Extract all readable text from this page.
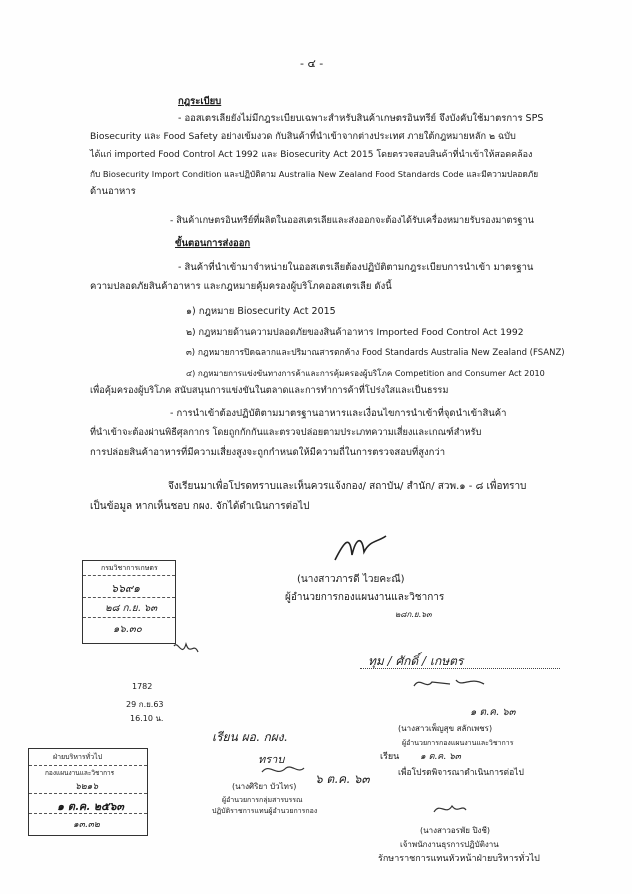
- ๔ -
กฎระเบียบ
- ออสเตรเลียยังไม่มีกฎระเบียบเฉพาะสำหรับสินค้าเกษตรอินทรีย์ จึงบังคับใช้มาตรการ SPS
Biosecurity และ Food Safety อย่างเข้มงวด กับสินค้าที่นำเข้าจากต่างประเทศ ภายใต้กฎหมายหลัก ๒ ฉบับ
ได้แก่ imported Food Control Act 1992 และ Biosecurity Act 2015 โดยตรวจสอบสินค้าที่นำเข้าให้สอดคล้อง
กับ Biosecurity Import Condition และปฏิบัติตาม Australia New Zealand Food Standards Code และมีความปลอดภัย
ด้านอาหาร
- สินค้าเกษตรอินทรีย์ที่ผลิตในออสเตรเลียและส่งออกจะต้องได้รับเครื่องหมายรับรองมาตรฐาน
ขั้นตอนการส่งออก
- สินค้าที่นำเข้ามาจำหน่ายในออสเตรเลียต้องปฏิบัติตามกฎระเบียบการนำเข้า มาตรฐาน
ความปลอดภัยสินค้าอาหาร และกฎหมายคุ้มครองผู้บริโภคออสเตรเลีย ดังนี้
๑) กฎหมาย Biosecurity Act 2015
๒) กฎหมายด้านความปลอดภัยของสินค้าอาหาร Imported Food Control Act 1992
๓) กฎหมายการปิดฉลากและปริมาณสารตกค้าง Food Standards Australia New Zealand (FSANZ)
๔) กฎหมายการแข่งขันทางการค้าและการคุ้มครองผู้บริโภค Competition and Consumer Act 2010
เพื่อคุ้มครองผู้บริโภค สนับสนุนการแข่งขันในตลาดและการทำการค้าที่โปร่งใสและเป็นธรรม
- การนำเข้าต้องปฏิบัติตามมาตรฐานอาหารและเงื่อนไขการนำเข้าที่จุดนำเข้าสินค้า
ที่นำเข้าจะต้องผ่านพิธีศุลกากร โดยถูกกักกันและตรวจปล่อยตามประเภทความเสี่ยงและเกณฑ์สำหรับ
การปล่อยสินค้าอาหารที่มีความเสี่ยงสูงจะถูกกำหนดให้มีความถี่ในการตรวจสอบที่สูงกว่า
จึงเรียนมาเพื่อโปรดทราบและเห็นควรแจ้งกอง/ สถาบัน/ สำนัก/ สวพ.๑ - ๘ เพื่อทราบ
เป็นข้อมูล หากเห็นชอบ กผง. จักได้ดำเนินการต่อไป
(นางสาวภารดี ไวยคะณี)
ผู้อำนวยการกองแผนงานและวิชาการ
๒๘ก.ย.๖๓
กรมวิชาการเกษตร
๖๖๙๑
๒๘ ก.ย. ๖๓
๑๖.๓๐
1782
29 ก.ย.63
16.10 น.
ทุม / ศักดิ์ / เกษตร
๑ ต.ค. ๖๓
เรียน ผอ. กผง.
ทราบ
๖ ต.ค. ๖๓
(นางศิริยา บัวไทร)
ผู้อำนวยการกลุ่มสารบรรณ
ปฏิบัติราชการแทนผู้อำนวยการกอง
(นางสาวเพ็ญสุข สลักเพชร)
ผู้อำนวยการกองแผนงานและวิชาการ
เรียน ๑ ต.ค. ๖๓
เพื่อโปรดพิจารณาดำเนินการต่อไป
(นางสาวอรพัย ปิงชี)
เจ้าพนักงานธุรการปฏิบัติงาน
รักษาราชการแทนหัวหน้าฝ่ายบริหารทั่วไป
ฝ่ายบริหารทั่วไป
กองแผนงานและวิชาการ
๖๒๑๖
๑ ต.ค. ๒๕๖๓
๑๓.๓๒
